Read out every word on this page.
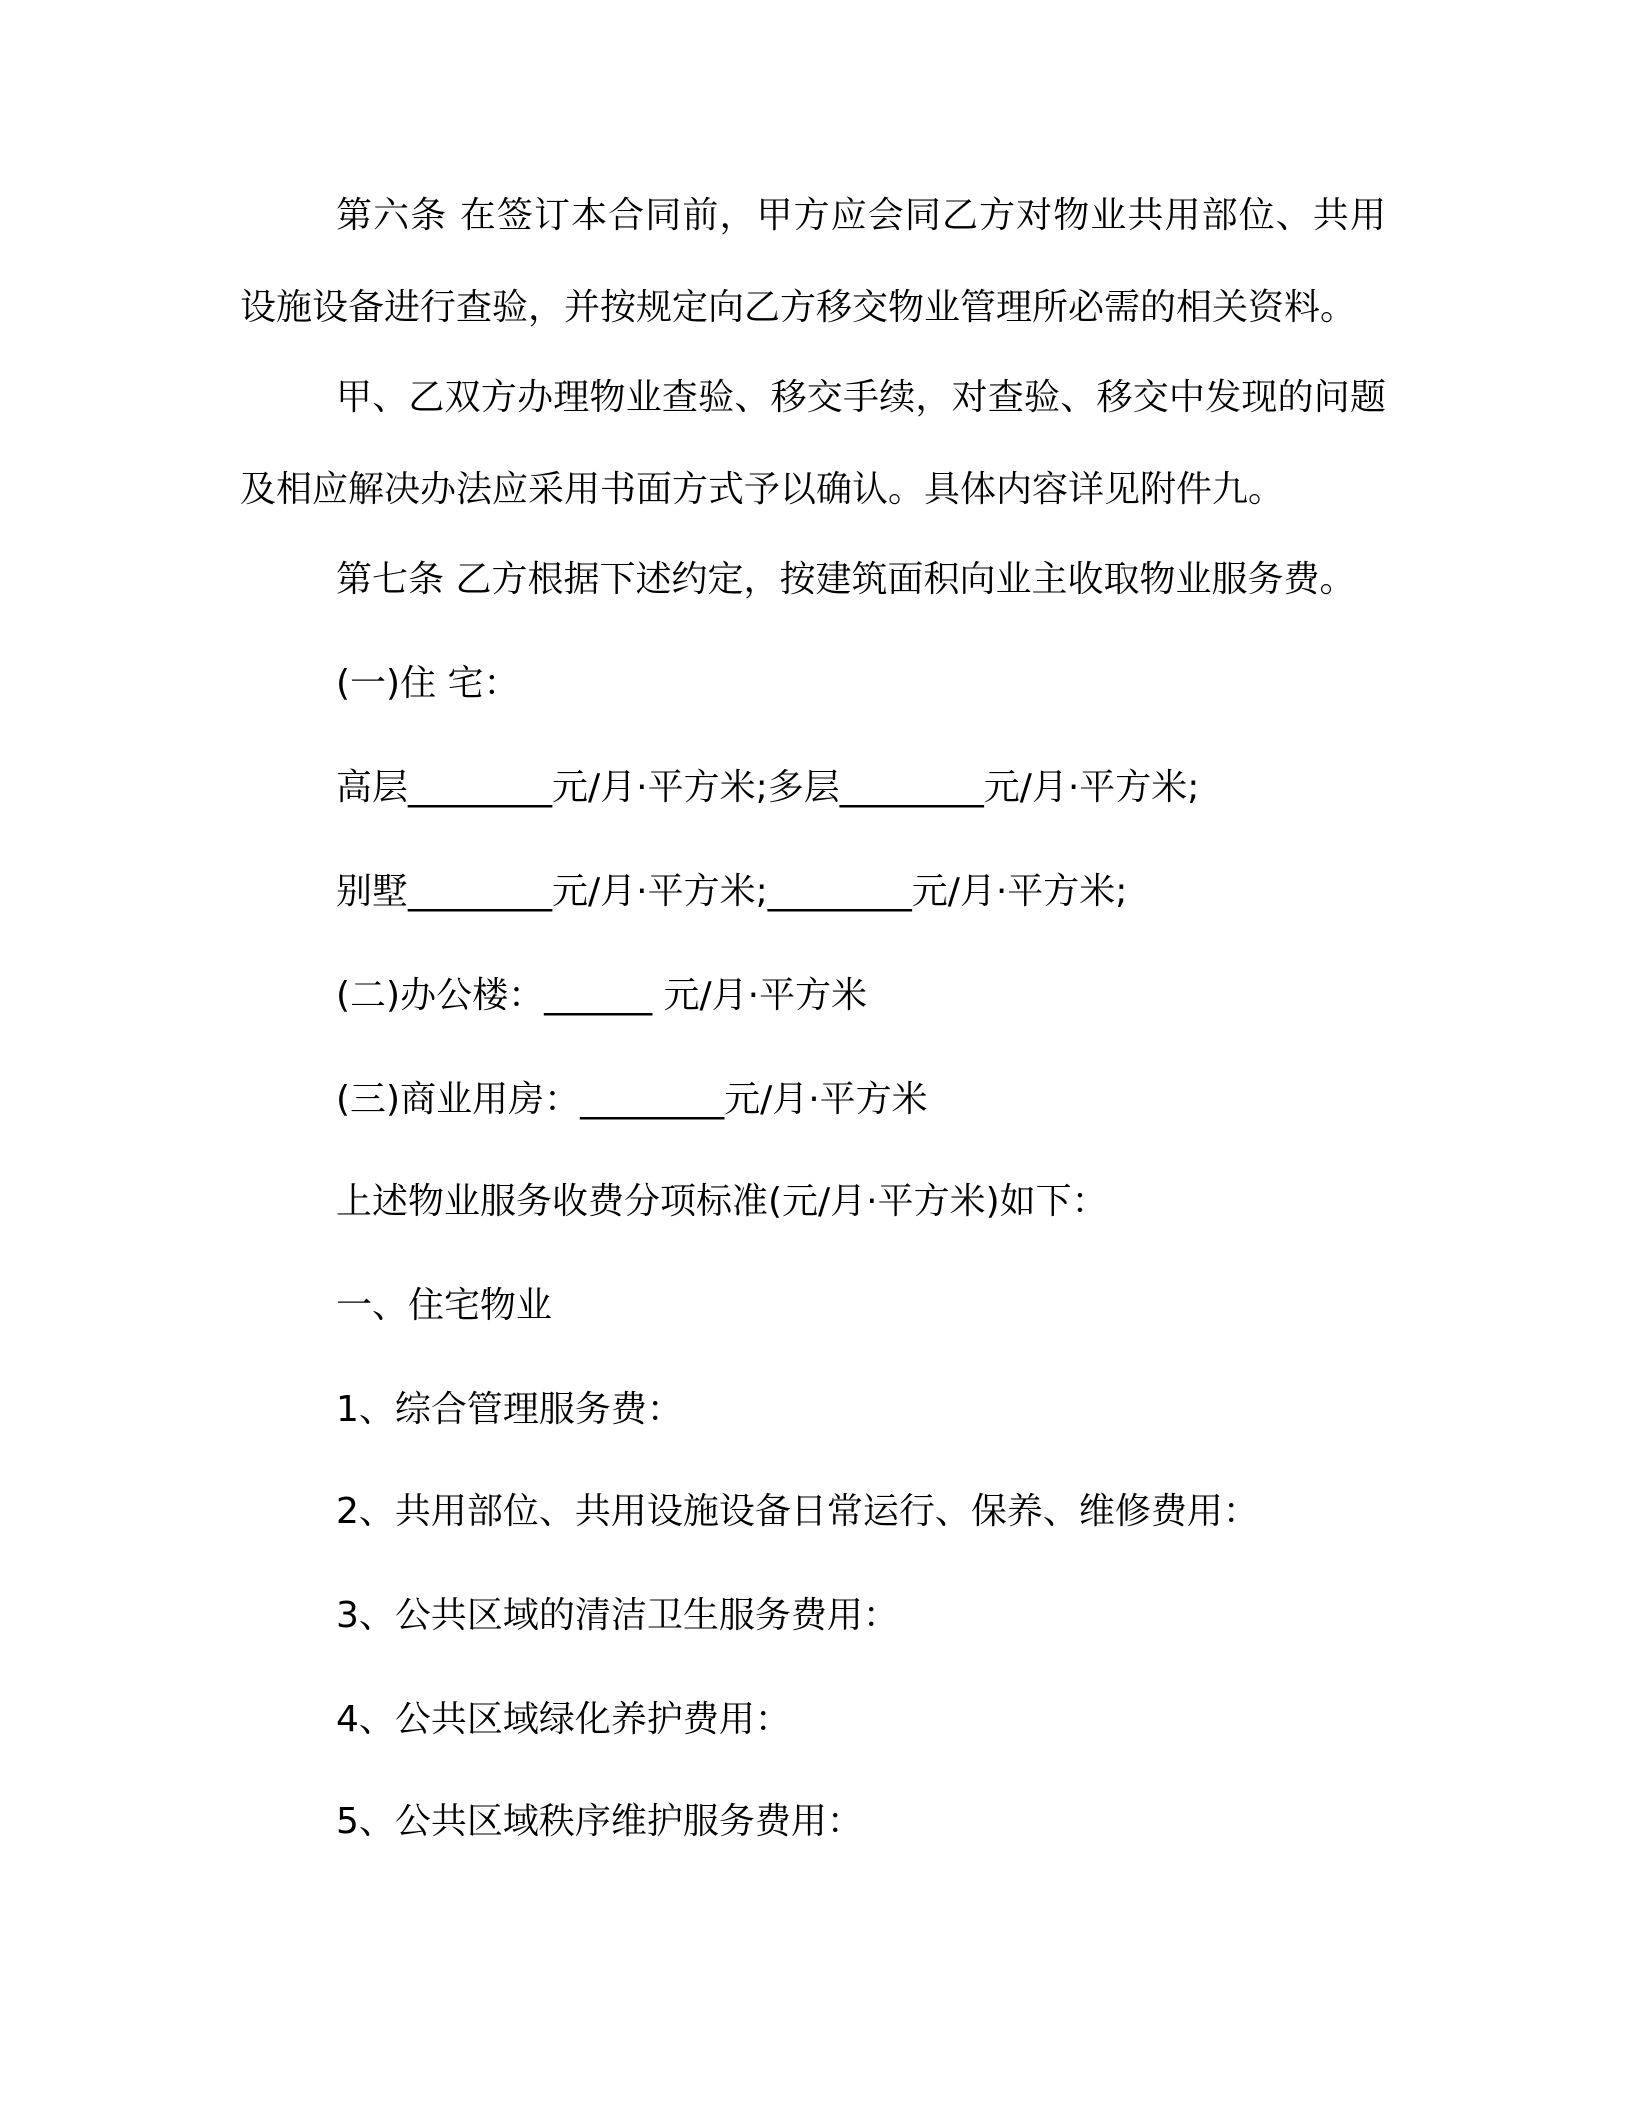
第六条 在签订本合同前，甲方应会同乙方对物业共用部位、共用设施设备进行查验，并按规定向乙方移交物业管理所必需的相关资料。

甲、乙双方办理物业查验、移交手续，对查验、移交中发现的问题及相应解决办法应采用书面方式予以确认。具体内容详见附件九。

第七条 乙方根据下述约定，按建筑面积向业主收取物业服务费。

(一)住 宅：

高层________元/月·平方米;多层________元/月·平方米;

别墅________元/月·平方米;________元/月·平方米;

(二)办公楼：______ 元/月·平方米

(三)商业用房：________元/月·平方米

上述物业服务收费分项标准(元/月·平方米)如下：

一、住宅物业

1、综合管理服务费：

2、共用部位、共用设施设备日常运行、保养、维修费用：

3、公共区域的清洁卫生服务费用：

4、公共区域绿化养护费用：

5、公共区域秩序维护服务费用：
